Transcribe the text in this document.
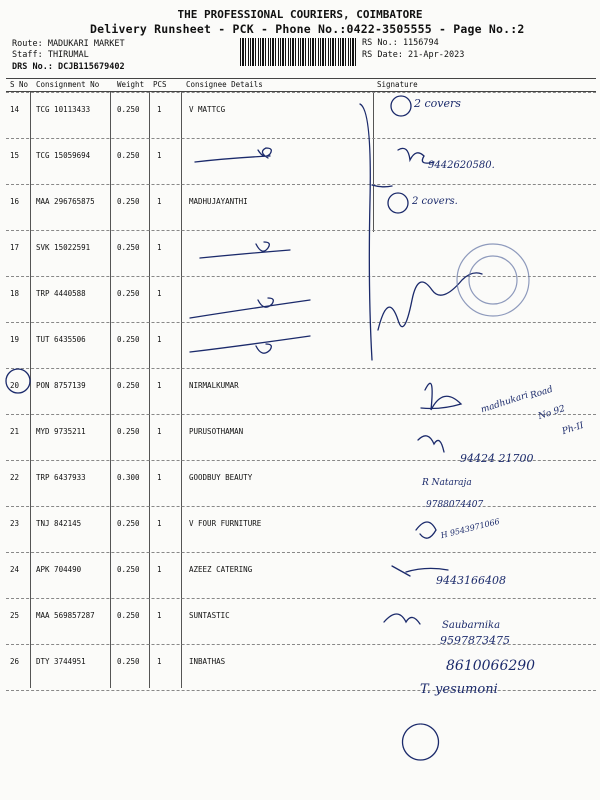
THE PROFESSIONAL COURIERS, COIMBATORE
Delivery Runsheet - PCK - Phone No.:0422-3505555 - Page No.:2
Route: MADUKARI MARKET
Staff: THIRUMAL
DRS No.: DCJB115679402
RS No.: 1156794
RS Date: 21-Apr-2023
S No Consignment No Weight PCS	Consignee Details	Signature
14 TCG 10113433	0.250 1	V MATTCG
15 TCG 15059694	0.250 1
16 MAA 296765875	0.250 1	MADHUJAYANTHI
17 SVK 15022591	0.250 1
18 TRP 4440588	0.250 1
19 TUT 6435506	0.250 1
20 PON 8757139	0.250 1	NIRMALKUMAR
21 MYD 9735211	0.250 1	PURUSOTHAMAN
22 TRP 6437933	0.300 1	GOODBUY BEAUTY
23 TNJ 842145	0.250 1	V FOUR FURNITURE
24 APK 704490	0.250 1	AZEEZ CATERING
25 MAA 569857287	0.250 1	SUNTASTIC
26 DTY 3744951	0.250 1	INBATHAS
2 covers
9442620580.
2 covers.
madhukari Road
No 92
Ph-II
94424 21700
R Nataraja
9788074407
H 9543971066
9443166408
Saubarnika
9597873475
8610066290
T. yesumoni
